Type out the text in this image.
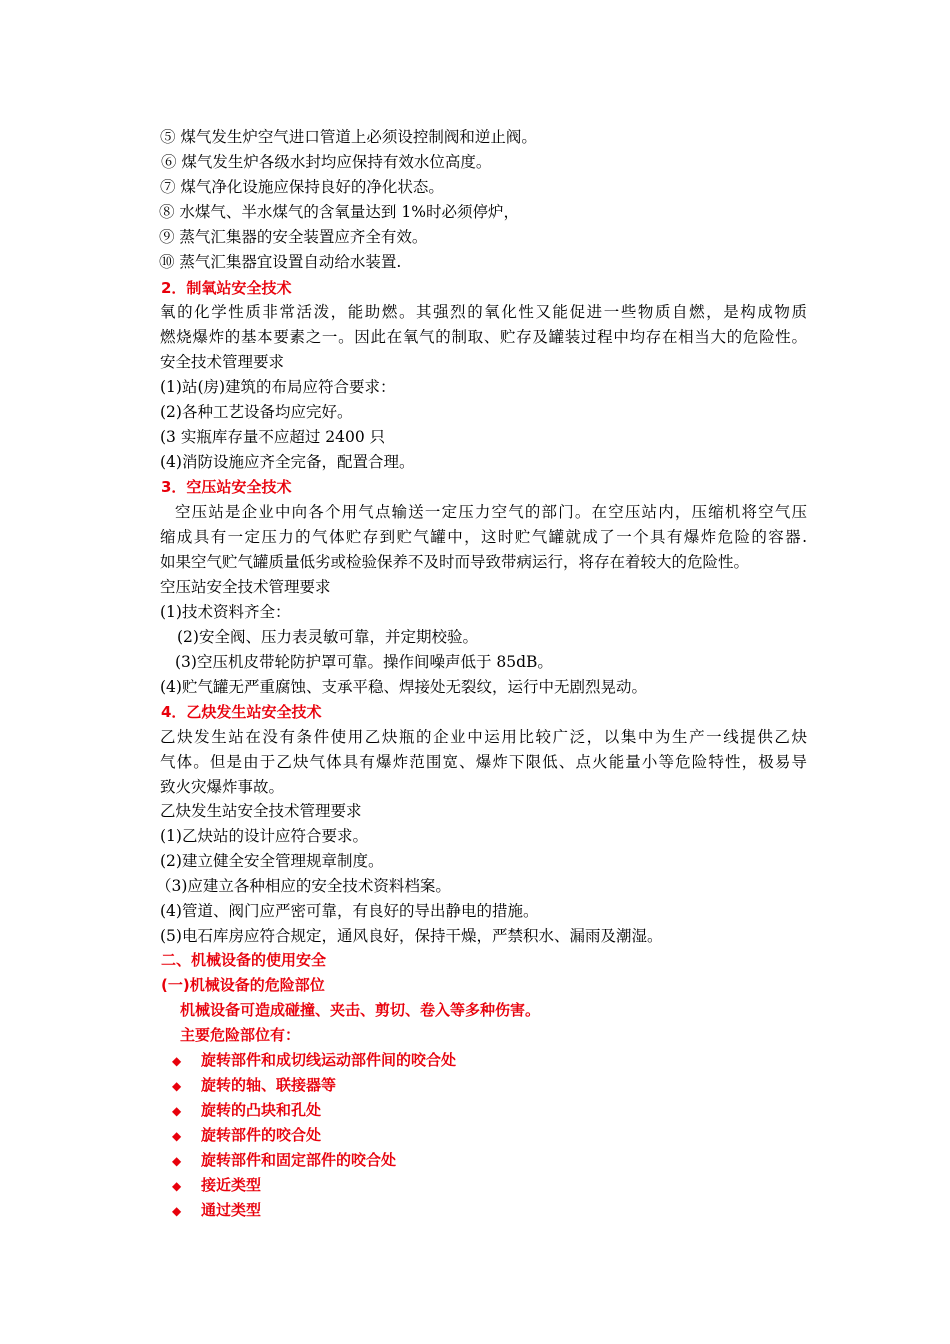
⑤ 煤气发生炉空气进口管道上必须设控制阀和逆止阀。
⑥ 煤气发生炉各级水封均应保持有效水位高度。
⑦ 煤气净化设施应保持良好的净化状态。
⑧ 水煤气、半水煤气的含氧量达到 1%时必须停炉，
⑨ 蒸气汇集器的安全装置应齐全有效。
⑩ 蒸气汇集器宜设置自动给水装置.
2．制氧站安全技术
氧的化学性质非常活泼，能助燃。其强烈的氧化性又能促进一些物质自燃，是构成物质
燃烧爆炸的基本要素之一。因此在氧气的制取、贮存及罐装过程中均存在相当大的危险性。
安全技术管理要求
(1)站(房)建筑的布局应符合要求：
(2)各种工艺设备均应完好。
(3 实瓶库存量不应超过 2400 只
(4)消防设施应齐全完备，配置合理。
3．空压站安全技术
空压站是企业中向各个用气点输送一定压力空气的部门。在空压站内，压缩机将空气压
缩成具有一定压力的气体贮存到贮气罐中，这时贮气罐就成了一个具有爆炸危险的容器.
如果空气贮气罐质量低劣或检验保养不及时而导致带病运行，将存在着较大的危险性。
空压站安全技术管理要求
(1)技术资料齐全：
(2)安全阀、压力表灵敏可靠，并定期校验。
(3)空压机皮带轮防护罩可靠。操作间噪声低于 85dB。
(4)贮气罐无严重腐蚀、支承平稳、焊接处无裂纹，运行中无剧烈晃动。
4．乙炔发生站安全技术
乙炔发生站在没有条件使用乙炔瓶的企业中运用比较广泛，以集中为生产一线提供乙炔
气体。但是由于乙炔气体具有爆炸范围宽、爆炸下限低、点火能量小等危险特性，极易导
致火灾爆炸事故。
乙炔发生站安全技术管理要求
(1)乙炔站的设计应符合要求。
(2)建立健全安全管理规章制度。
（3)应建立各种相应的安全技术资料档案。
(4)管道、阀门应严密可靠，有良好的导出静电的措施。
(5)电石库房应符合规定，通风良好，保持干燥，严禁积水、漏雨及潮湿。
二、机械设备的使用安全
(一)机械设备的危险部位
机械设备可造成碰撞、夹击、剪切、卷入等多种伤害。
主要危险部位有：
◆ 旋转部件和成切线运动部件间的咬合处
◆ 旋转的轴、联接器等
◆ 旋转的凸块和孔处
◆ 旋转部件的咬合处
◆ 旋转部件和固定部件的咬合处
◆ 接近类型
◆ 通过类型
